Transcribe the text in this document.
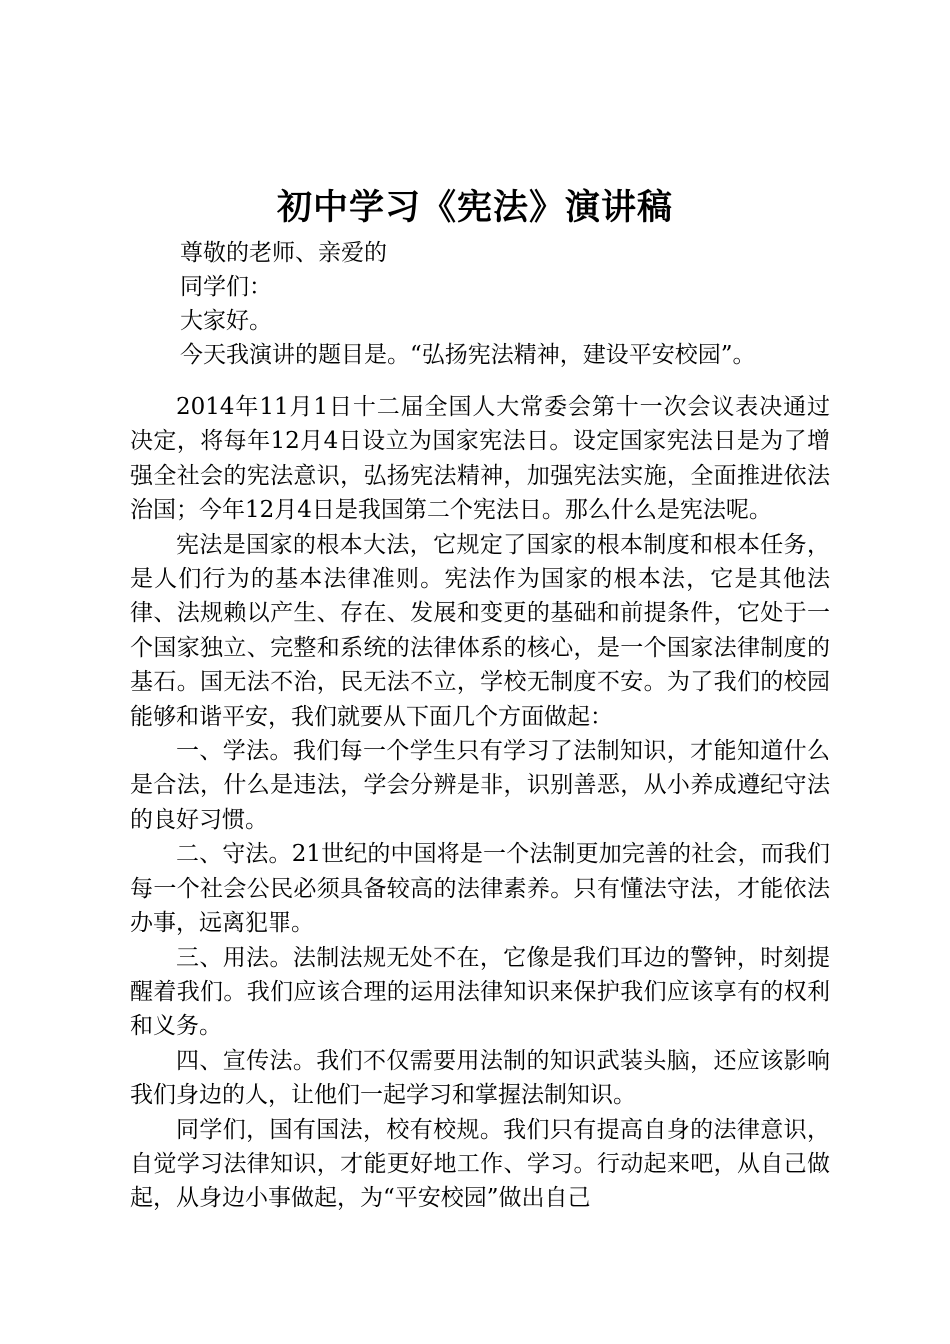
初中学习《宪法》演讲稿
尊敬的老师、亲爱的
同学们：
大家好。
今天我演讲的题目是。“弘扬宪法精神，建设平安校园”。

2014年11月1日十二届全国人大常委会第十一次会议表决通过决定，将每年12月4日设立为国家宪法日。设定国家宪法日是为了增强全社会的宪法意识，弘扬宪法精神，加强宪法实施，全面推进依法治国；今年12月4日是我国第二个宪法日。那么什么是宪法呢。

宪法是国家的根本大法，它规定了国家的根本制度和根本任务，是人们行为的基本法律准则。宪法作为国家的根本法，它是其他法律、法规赖以产生、存在、发展和变更的基础和前提条件，它处于一个国家独立、完整和系统的法律体系的核心，是一个国家法律制度的基石。国无法不治，民无法不立，学校无制度不安。为了我们的校园能够和谐平安，我们就要从下面几个方面做起：

一、学法。我们每一个学生只有学习了法制知识，才能知道什么是合法，什么是违法，学会分辨是非，识别善恶，从小养成遵纪守法的良好习惯。

二、守法。21世纪的中国将是一个法制更加完善的社会，而我们每一个社会公民必须具备较高的法律素养。只有懂法守法，才能依法办事，远离犯罪。

三、用法。法制法规无处不在，它像是我们耳边的警钟，时刻提醒着我们。我们应该合理的运用法律知识来保护我们应该享有的权利和义务。

四、宣传法。我们不仅需要用法制的知识武装头脑，还应该影响我们身边的人，让他们一起学习和掌握法制知识。

同学们，国有国法，校有校规。我们只有提高自身的法律意识，自觉学习法律知识，才能更好地工作、学习。行动起来吧，从自己做起，从身边小事做起，为“平安校园”做出自己
